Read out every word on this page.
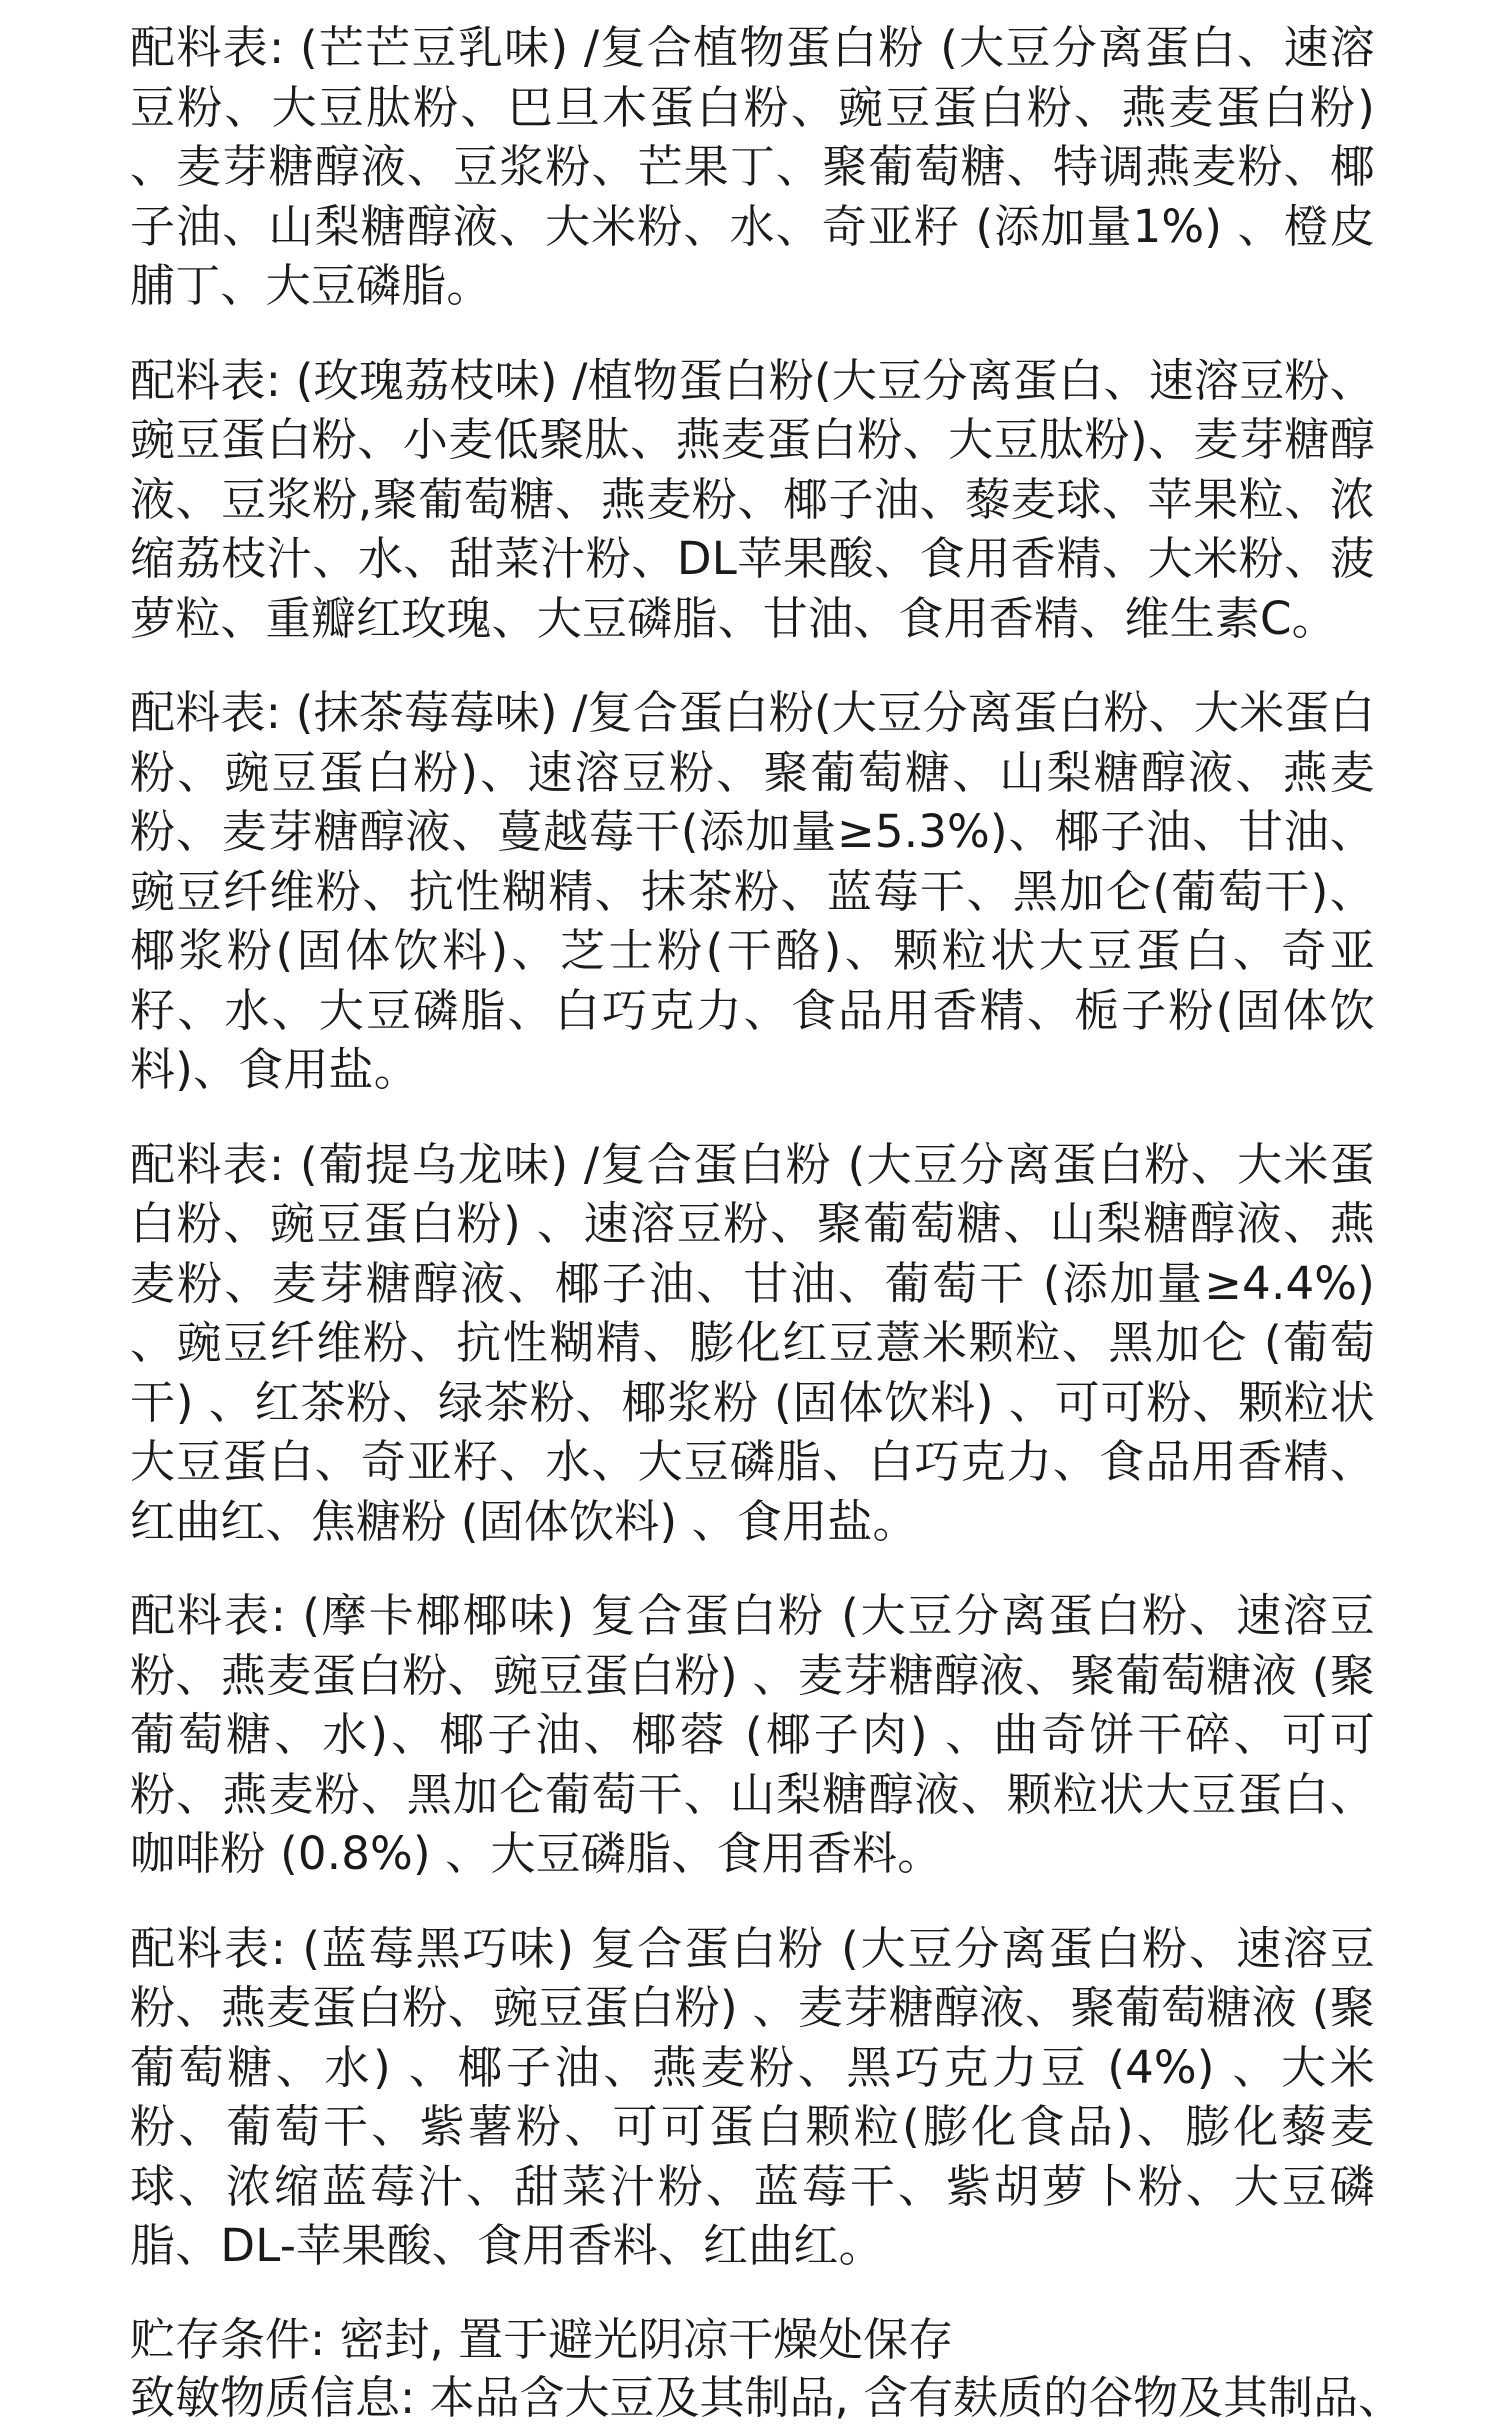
配料表: (芒芒豆乳味) /复合植物蛋白粉 (大豆分离蛋白、速溶豆粉、大豆肽粉、巴旦木蛋白粉、豌豆蛋白粉、燕麦蛋白粉) 、麦芽糖醇液、豆浆粉、芒果丁、聚葡萄糖、特调燕麦粉、椰子油、山梨糖醇液、大米粉、水、奇亚籽 (添加量1%) 、橙皮脯丁、大豆磷脂。

配料表: (玫瑰荔枝味) /植物蛋白粉(大豆分离蛋白、速溶豆粉、豌豆蛋白粉、小麦低聚肽、燕麦蛋白粉、大豆肽粉)、麦芽糖醇液、豆浆粉,聚葡萄糖、燕麦粉、椰子油、藜麦球、苹果粒、浓缩荔枝汁、水、甜菜汁粉、DL苹果酸、食用香精、大米粉、菠萝粒、重瓣红玫瑰、大豆磷脂、甘油、食用香精、维生素C。

配料表: (抹茶莓莓味) /复合蛋白粉(大豆分离蛋白粉、大米蛋白粉、豌豆蛋白粉)、速溶豆粉、聚葡萄糖、山梨糖醇液、燕麦粉、麦芽糖醇液、蔓越莓干(添加量≥5.3%)、椰子油、甘油、豌豆纤维粉、抗性糊精、抹茶粉、蓝莓干、黑加仑(葡萄干)、椰浆粉(固体饮料)、芝士粉(干酪)、颗粒状大豆蛋白、奇亚籽、水、大豆磷脂、白巧克力、食品用香精、栀子粉(固体饮料)、食用盐。

配料表: (葡提乌龙味) /复合蛋白粉 (大豆分离蛋白粉、大米蛋白粉、豌豆蛋白粉) 、速溶豆粉、聚葡萄糖、山梨糖醇液、燕麦粉、麦芽糖醇液、椰子油、甘油、葡萄干 (添加量≥4.4%) 、豌豆纤维粉、抗性糊精、膨化红豆薏米颗粒、黑加仑 (葡萄干) 、红茶粉、绿茶粉、椰浆粉 (固体饮料) 、可可粉、颗粒状大豆蛋白、奇亚籽、水、大豆磷脂、白巧克力、食品用香精、红曲红、焦糖粉 (固体饮料) 、食用盐。

配料表: (摩卡椰椰味) 复合蛋白粉 (大豆分离蛋白粉、速溶豆粉、燕麦蛋白粉、豌豆蛋白粉) 、麦芽糖醇液、聚葡萄糖液 (聚葡萄糖、水)、椰子油、椰蓉 (椰子肉) 、曲奇饼干碎、可可粉、燕麦粉、黑加仑葡萄干、山梨糖醇液、颗粒状大豆蛋白、咖啡粉 (0.8%) 、大豆磷脂、食用香料。

配料表: (蓝莓黑巧味) 复合蛋白粉 (大豆分离蛋白粉、速溶豆粉、燕麦蛋白粉、豌豆蛋白粉) 、麦芽糖醇液、聚葡萄糖液 (聚葡萄糖、水) 、椰子油、燕麦粉、黑巧克力豆 (4%) 、大米粉、葡萄干、紫薯粉、可可蛋白颗粒(膨化食品)、膨化藜麦球、浓缩蓝莓汁、甜菜汁粉、蓝莓干、紫胡萝卜粉、大豆磷脂、DL-苹果酸、食用香料、红曲红。

贮存条件: 密封, 置于避光阴凉干燥处保存
致敏物质信息: 本品含大豆及其制品, 含有麸质的谷物及其制品、
